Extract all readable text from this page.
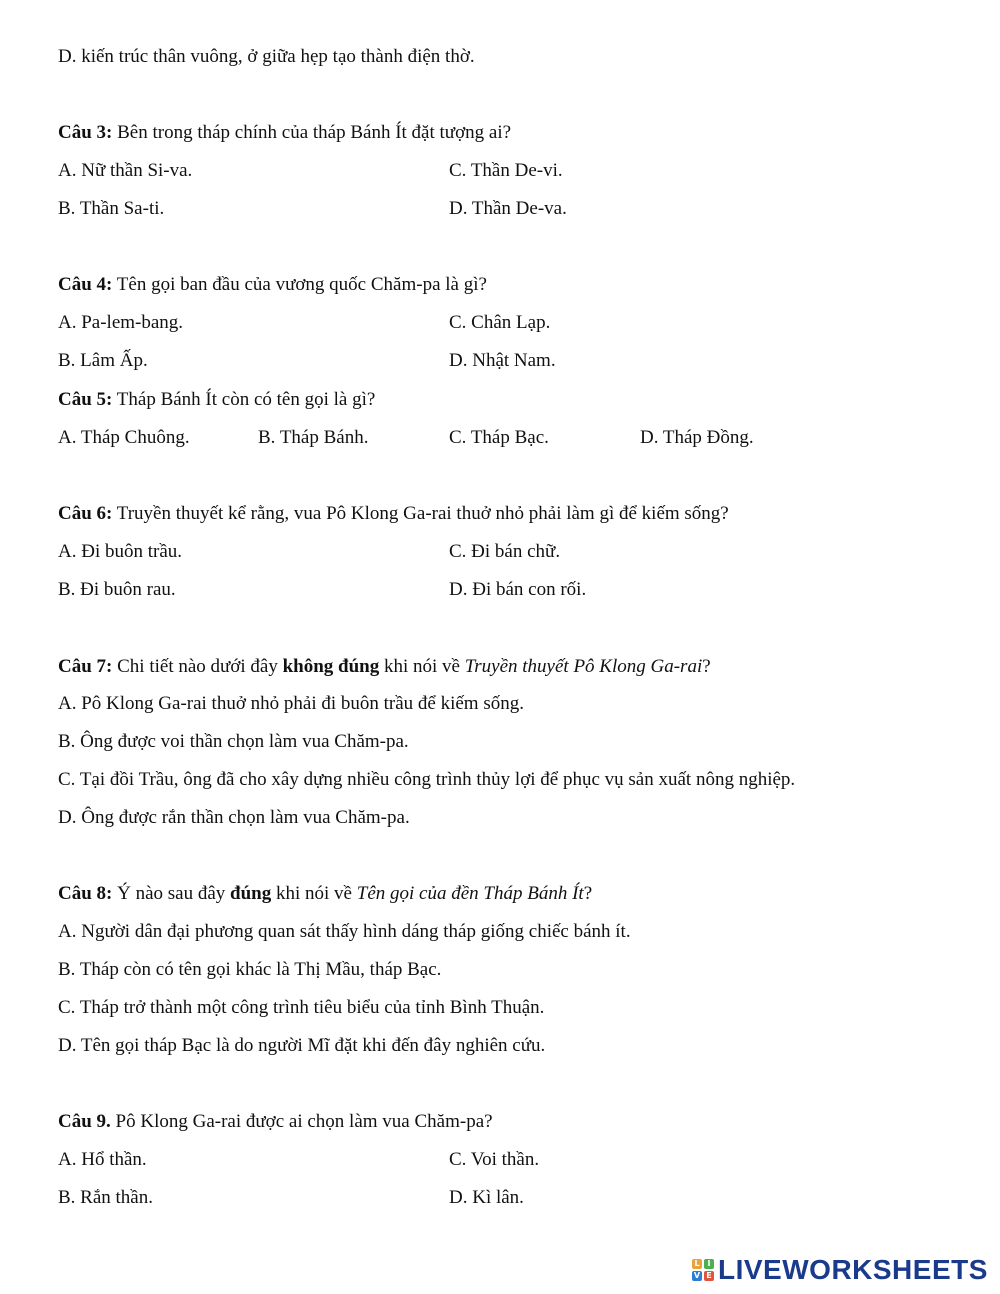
D. kiến trúc thân vuông, ở giữa hẹp tạo thành điện thờ.
Câu 3: Bên trong tháp chính của tháp Bánh Ít đặt tượng ai?
A. Nữ thần Si-va.	C. Thần De-vi.
B. Thần Sa-ti.	D. Thần De-va.
Câu 4: Tên gọi ban đầu của vương quốc Chăm-pa là gì?
A. Pa-lem-bang.	C. Chân Lạp.
B. Lâm Ấp.	D. Nhật Nam.
Câu 5: Tháp Bánh Ít còn có tên gọi là gì?
A. Tháp Chuông.	B. Tháp Bánh.	C. Tháp Bạc.	D. Tháp Đồng.
Câu 6: Truyền thuyết kể rằng, vua Pô Klong Ga-rai thuở nhỏ phải làm gì để kiếm sống?
A. Đi buôn trầu.	C. Đi bán chữ.
B. Đi buôn rau.	D. Đi bán con rối.
Câu 7: Chi tiết nào dưới đây không đúng khi nói về Truyền thuyết Pô Klong Ga-rai?
A. Pô Klong Ga-rai thuở nhỏ phải đi buôn trầu để kiếm sống.
B. Ông được voi thần chọn làm vua Chăm-pa.
C. Tại đồi Trầu, ông đã cho xây dựng nhiều công trình thủy lợi để phục vụ sản xuất nông nghiệp.
D. Ông được rắn thần chọn làm vua Chăm-pa.
Câu 8: Ý nào sau đây đúng khi nói về Tên gọi của đền Tháp Bánh Ít?
A. Người dân đại phương quan sát thấy hình dáng tháp giống chiếc bánh ít.
B. Tháp còn có tên gọi khác là Thị Mầu, tháp Bạc.
C. Tháp trở thành một công trình tiêu biểu của tỉnh Bình Thuận.
D. Tên gọi tháp Bạc là do người Mĩ đặt khi đến đây nghiên cứu.
Câu 9. Pô Klong Ga-rai được ai chọn làm vua Chăm-pa?
A. Hổ thần.	C. Voi thần.
B. Rắn thần.	D. Kì lân.
L I
V E LIVEWORKSHEETS
